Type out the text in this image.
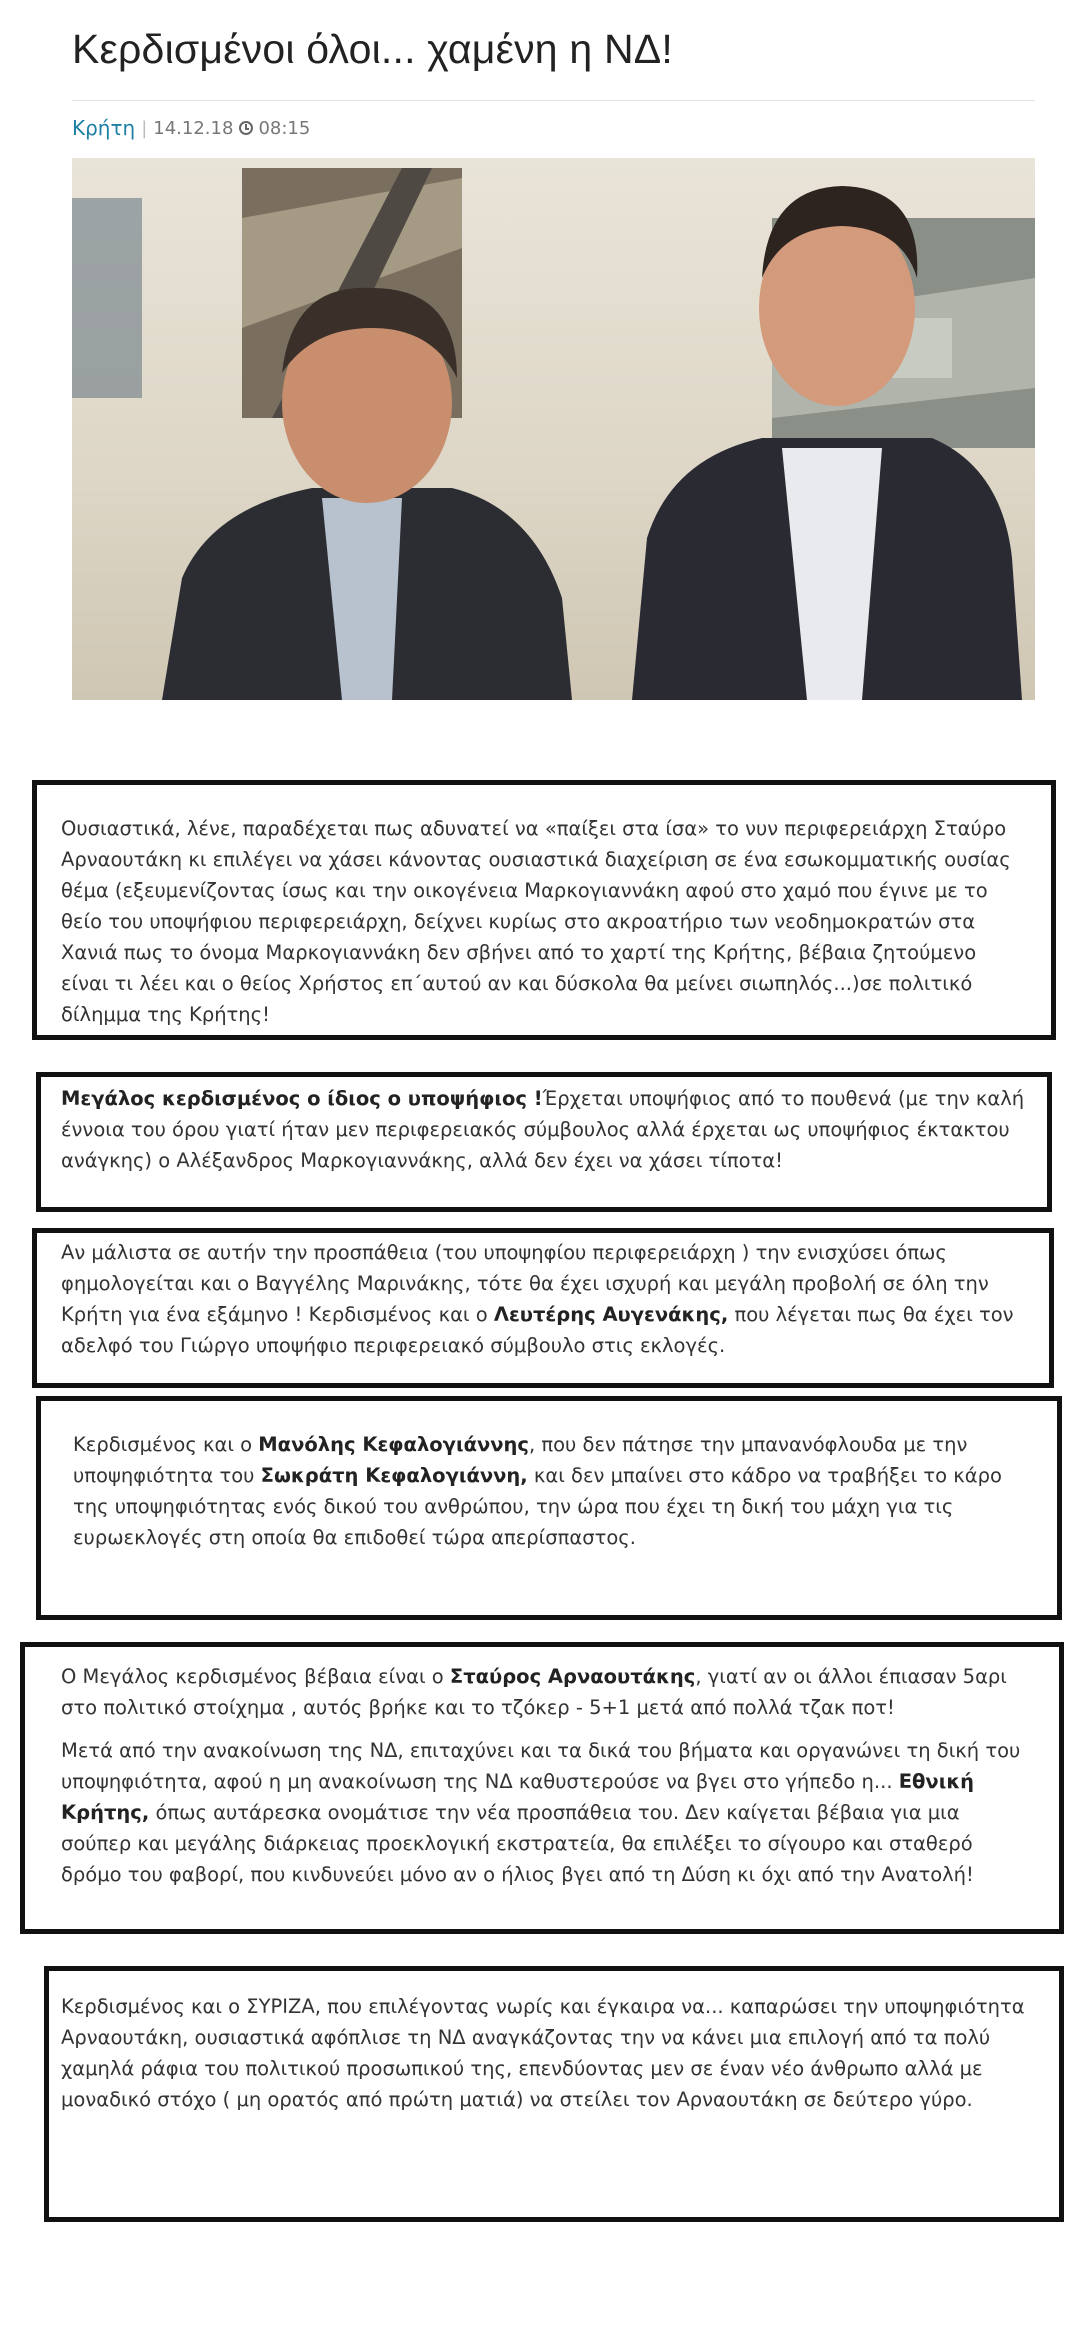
Κερδισμένοι όλοι... χαμένη η ΝΔ!
Κρήτη | 14.12.18 08:15

Ουσιαστικά, λένε, παραδέχεται πως αδυνατεί να «παίξει στα ίσα» το νυν περιφερειάρχη Σταύρο Αρναουτάκη κι επιλέγει να χάσει κάνοντας ουσιαστικά διαχείριση σε ένα εσωκομματικής ουσίας θέμα (εξευμενίζοντας ίσως και την οικογένεια Μαρκογιαννάκη αφού στο χαμό που έγινε με το θείο του υποψήφιου περιφερειάρχη, δείχνει κυρίως στο ακροατήριο των νεοδημοκρατών στα Χανιά πως το όνομα Μαρκογιαννάκη δεν σβήνει από το χαρτί της Κρήτης, βέβαια ζητούμενο είναι τι λέει και ο θείος Χρήστος επ΄αυτού αν και δύσκολα θα μείνει σιωπηλός...)σε πολιτικό δίλημμα της Κρήτης!

Μεγάλος κερδισμένος ο ίδιος ο υποψήφιος !Έρχεται υποψήφιος από το πουθενά (με την καλή έννοια του όρου γιατί ήταν μεν περιφερειακός σύμβουλος αλλά έρχεται ως υποψήφιος έκτακτου ανάγκης) ο Αλέξανδρος Μαρκογιαννάκης, αλλά δεν έχει να χάσει τίποτα!

Αν μάλιστα σε αυτήν την προσπάθεια (του υποψηφίου περιφερειάρχη ) την ενισχύσει όπως φημολογείται και ο Βαγγέλης Μαρινάκης, τότε θα έχει ισχυρή και μεγάλη προβολή σε όλη την Κρήτη για ένα εξάμηνο ! Κερδισμένος και ο Λευτέρης Αυγενάκης, που λέγεται πως θα έχει τον αδελφό του Γιώργο υποψήφιο περιφερειακό σύμβουλο στις εκλογές.

Κερδισμένος και ο Μανόλης Κεφαλογιάννης, που δεν πάτησε την μπανανόφλουδα με την υποψηφιότητα του Σωκράτη Κεφαλογιάννη, και δεν μπαίνει στο κάδρο να τραβήξει το κάρο της υποψηφιότητας ενός δικού του ανθρώπου, την ώρα που έχει τη δική του μάχη για τις ευρωεκλογές στη οποία θα επιδοθεί τώρα απερίσπαστος.

Ο Μεγάλος κερδισμένος βέβαια είναι ο Σταύρος Αρναουτάκης, γιατί αν οι άλλοι έπιασαν 5αρι στο πολιτικό στοίχημα , αυτός βρήκε και το τζόκερ - 5+1 μετά από πολλά τζακ ποτ!

Μετά από την ανακοίνωση της ΝΔ, επιταχύνει και τα δικά του βήματα και οργανώνει τη δική του υποψηφιότητα, αφού η μη ανακοίνωση της ΝΔ καθυστερούσε να βγει στο γήπεδο η... Εθνική Κρήτης, όπως αυτάρεσκα ονομάτισε την νέα προσπάθεια του. Δεν καίγεται βέβαια για μια σούπερ και μεγάλης διάρκειας προεκλογική εκστρατεία, θα επιλέξει το σίγουρο και σταθερό δρόμο του φαβορί, που κινδυνεύει μόνο αν ο ήλιος βγει από τη Δύση κι όχι από την Ανατολή!

Κερδισμένος και ο ΣΥΡΙΖΑ, που επιλέγοντας νωρίς και έγκαιρα να... καπαρώσει την υποψηφιότητα Αρναουτάκη, ουσιαστικά αφόπλισε τη ΝΔ αναγκάζοντας την να κάνει μια επιλογή από τα πολύ χαμηλά ράφια του πολιτικού προσωπικού της, επενδύοντας μεν σε έναν νέο άνθρωπο αλλά με μοναδικό στόχο ( μη ορατός από πρώτη ματιά) να στείλει τον Αρναουτάκη σε δεύτερο γύρο.
